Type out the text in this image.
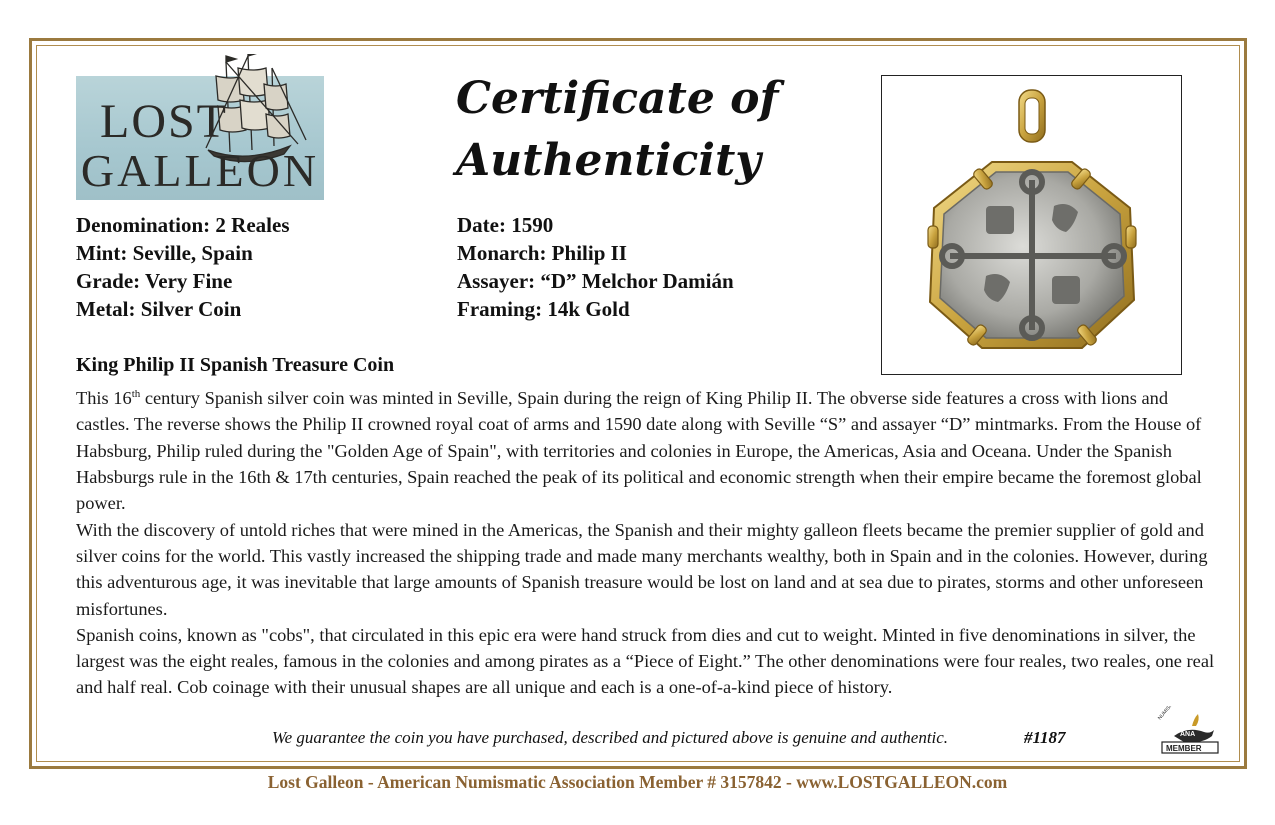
LOST
GALLEON
Certificate of
Authenticity
Denomination: 2 Reales
Mint: Seville, Spain
Grade: Very Fine
Metal: Silver Coin
Date: 1590
Monarch: Philip II
Assayer: “D” Melchor Damián
Framing: 14k Gold
King Philip II Spanish Treasure Coin

This 16th century Spanish silver coin was minted in Seville, Spain during the reign of King Philip II. The obverse side features a cross with lions and castles. The reverse shows the Philip II crowned royal coat of arms and 1590 date along with Seville “S” and assayer “D” mintmarks. From the House of Habsburg, Philip ruled during the "Golden Age of Spain", with territories and colonies in Europe, the Americas, Asia and Oceana. Under the Spanish Habsburgs rule in the 16th & 17th centuries, Spain reached the peak of its political and economic strength when their empire became the foremost global power.

With the discovery of untold riches that were mined in the Americas, the Spanish and their mighty galleon fleets became the premier supplier of gold and silver coins for the world. This vastly increased the shipping trade and made many merchants wealthy, both in Spain and in the colonies. However, during this adventurous age, it was inevitable that large amounts of Spanish treasure would be lost on land and at sea due to pirates, storms and other unforeseen misfortunes.

Spanish coins, known as "cobs", that circulated in this epic era were hand struck from dies and cut to weight. Minted in five denominations in silver, the largest was the eight reales, famous in the colonies and among pirates as a “Piece of Eight.” The other denominations were four reales, two reales, one real and half real. Cob coinage with their unusual shapes are all unique and each is a one-of-a-kind piece of history.

We guarantee the coin you have purchased, described and pictured above is genuine and authentic.	#1187
NUMISMATIC
ANA
MEMBER
Lost Galleon - American Numismatic Association Member # 3157842 - www.LOSTGALLEON.com
